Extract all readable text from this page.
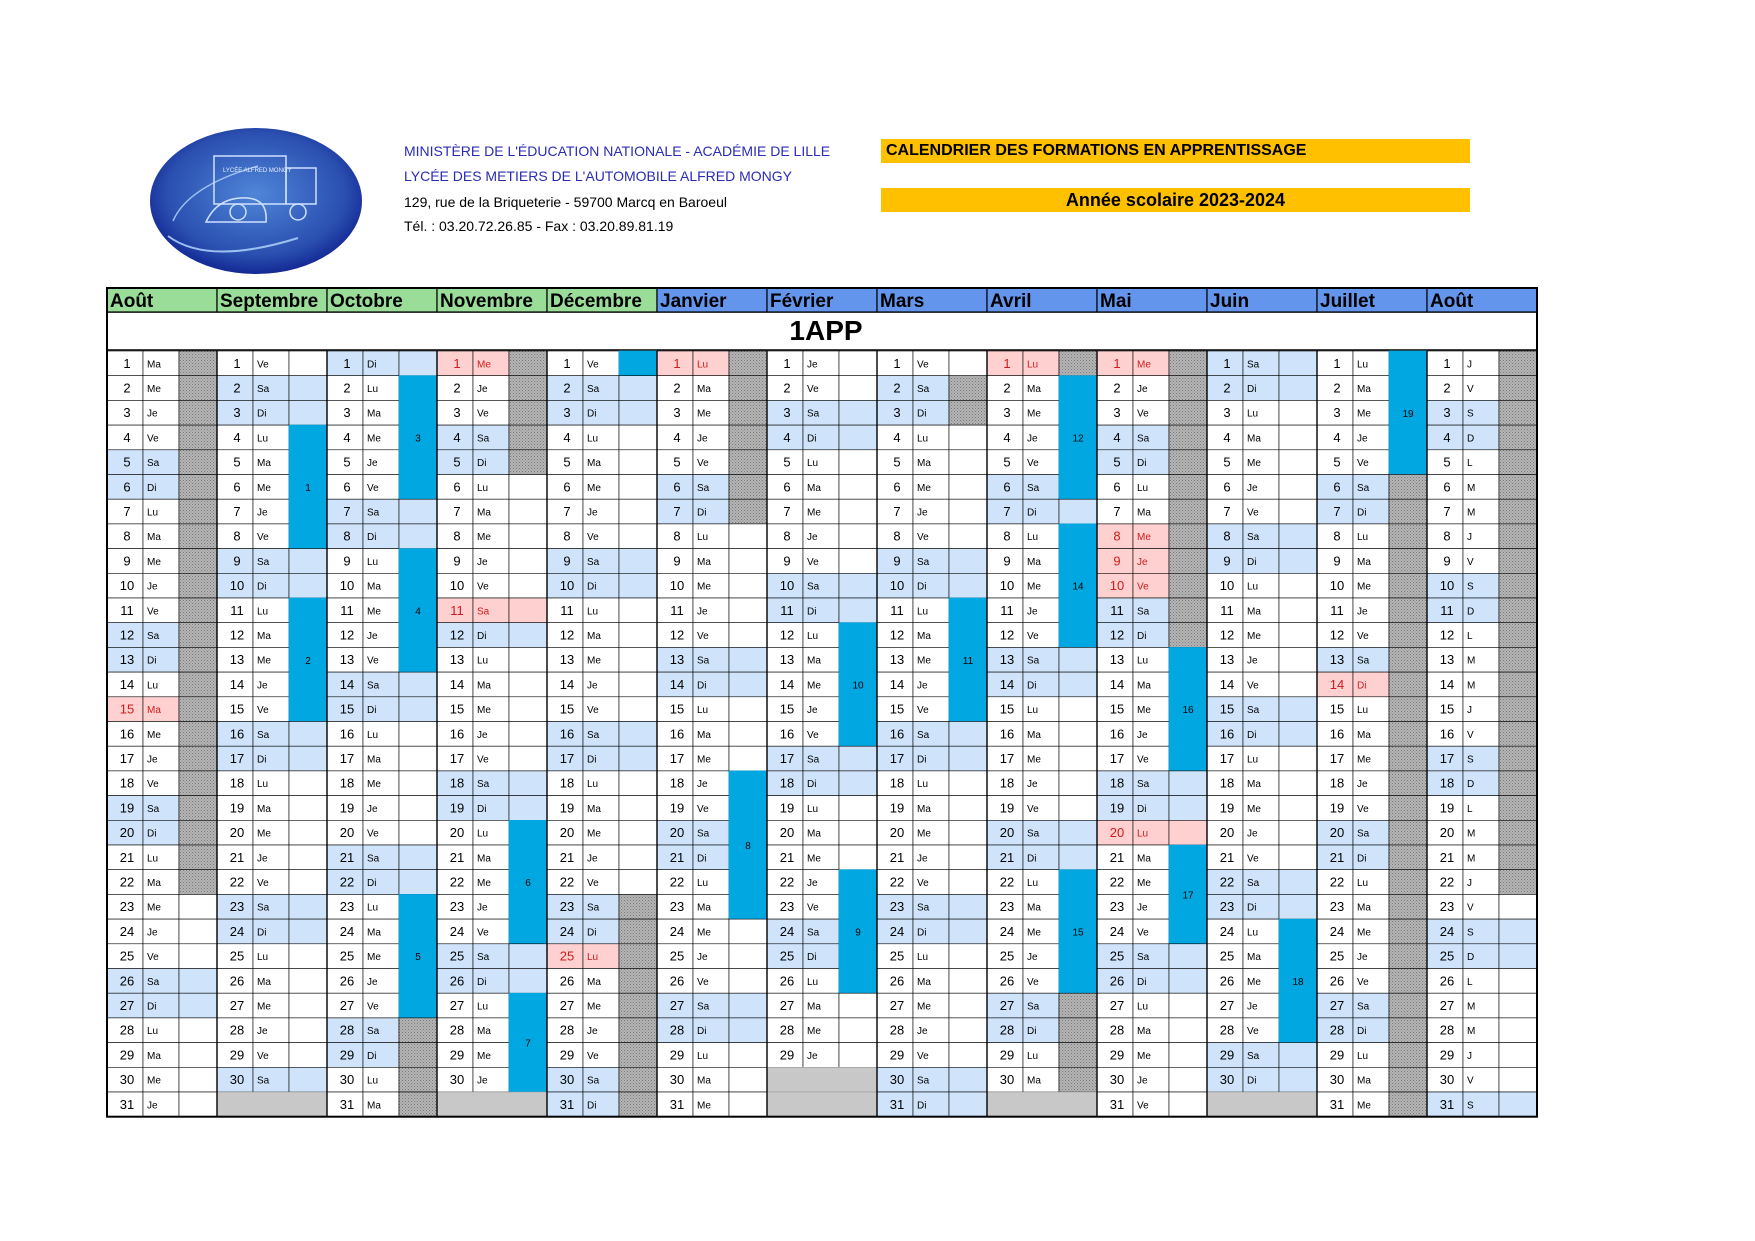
LYCÉE ALFRED MONGY
MINISTÈRE DE L'ÉDUCATION NATIONALE - ACADÉMIE DE LILLE
LYCÉE DES METIERS DE L'AUTOMOBILE ALFRED MONGY
129, rue de la Briqueterie - 59700 Marcq en Baroeul
Tél. : 03.20.72.26.85 - Fax : 03.20.89.81.19
CALENDRIER DES FORMATIONS EN APPRENTISSAGE
Année scolaire 2023-2024
Août
1 Ma
2 Me
3 Je
4 Ve
5 Sa
6 Di
7 Lu
8 Ma
9 Me
10 Je
11 Ve
12 Sa
13 Di
14 Lu
15 Ma
16 Me
17 Je
18 Ve
19 Sa
20 Di
21 Lu
22 Ma
23 Me
24 Je
25 Ve
26 Sa
27 Di
28 Lu
29 Ma
30 Me
31 Je
Septembre
1 Ve
2 Sa
3 Di
4 Lu
5 Ma
6 Me
7 Je
8 Ve
9 Sa
10 Di
11 Lu
12 Ma
13 Me
14 Je
15 Ve
16 Sa
17 Di
18 Lu
19 Ma
20 Me
21 Je
22 Ve
23 Sa
24 Di
25 Lu
26 Ma
27 Me
28 Je
29 Ve
30 Sa
1
2
Octobre
1 Di
2 Lu
3 Ma
4 Me
5 Je
6 Ve
7 Sa
8 Di
9 Lu
10 Ma
11 Me
12 Je
13 Ve
14 Sa
15 Di
16 Lu
17 Ma
18 Me
19 Je
20 Ve
21 Sa
22 Di
23 Lu
24 Ma
25 Me
26 Je
27 Ve
28 Sa
29 Di
30 Lu
31 Ma
3
4
5
Novembre
1 Me
2 Je
3 Ve
4 Sa
5 Di
6 Lu
7 Ma
8 Me
9 Je
10 Ve
11 Sa
12 Di
13 Lu
14 Ma
15 Me
16 Je
17 Ve
18 Sa
19 Di
20 Lu
21 Ma
22 Me
23 Je
24 Ve
25 Sa
26 Di
27 Lu
28 Ma
29 Me
30 Je
6
7
Décembre
1 Ve
2 Sa
3 Di
4 Lu
5 Ma
6 Me
7 Je
8 Ve
9 Sa
10 Di
11 Lu
12 Ma
13 Me
14 Je
15 Ve
16 Sa
17 Di
18 Lu
19 Ma
20 Me
21 Je
22 Ve
23 Sa
24 Di
25 Lu
26 Ma
27 Me
28 Je
29 Ve
30 Sa
31 Di
Janvier
1 Lu
2 Ma
3 Me
4 Je
5 Ve
6 Sa
7 Di
8 Lu
9 Ma
10 Me
11 Je
12 Ve
13 Sa
14 Di
15 Lu
16 Ma
17 Me
18 Je
19 Ve
20 Sa
21 Di
22 Lu
23 Ma
24 Me
25 Je
26 Ve
27 Sa
28 Di
29 Lu
30 Ma
31 Me
8
Février
1 Je
2 Ve
3 Sa
4 Di
5 Lu
6 Ma
7 Me
8 Je
9 Ve
10 Sa
11 Di
12 Lu
13 Ma
14 Me
15 Je
16 Ve
17 Sa
18 Di
19 Lu
20 Ma
21 Me
22 Je
23 Ve
24 Sa
25 Di
26 Lu
27 Ma
28 Me
29 Je
9
10
Mars
1 Ve
2 Sa
3 Di
4 Lu
5 Ma
6 Me
7 Je
8 Ve
9 Sa
10 Di
11 Lu
12 Ma
13 Me
14 Je
15 Ve
16 Sa
17 Di
18 Lu
19 Ma
20 Me
21 Je
22 Ve
23 Sa
24 Di
25 Lu
26 Ma
27 Me
28 Je
29 Ve
30 Sa
31 Di
11
Avril
1 Lu
2 Ma
3 Me
4 Je
5 Ve
6 Sa
7 Di
8 Lu
9 Ma
10 Me
11 Je
12 Ve
13 Sa
14 Di
15 Lu
16 Ma
17 Me
18 Je
19 Ve
20 Sa
21 Di
22 Lu
23 Ma
24 Me
25 Je
26 Ve
27 Sa
28 Di
29 Lu
30 Ma
12
14
15
Mai
1 Me
2 Je
3 Ve
4 Sa
5 Di
6 Lu
7 Ma
8 Me
9 Je
10 Ve
11 Sa
12 Di
13 Lu
14 Ma
15 Me
16 Je
17 Ve
18 Sa
19 Di
20 Lu
21 Ma
22 Me
23 Je
24 Ve
25 Sa
26 Di
27 Lu
28 Ma
29 Me
30 Je
31 Ve
16
17
Juin
1 Sa
2 Di
3 Lu
4 Ma
5 Me
6 Je
7 Ve
8 Sa
9 Di
10 Lu
11 Ma
12 Me
13 Je
14 Ve
15 Sa
16 Di
17 Lu
18 Ma
19 Me
20 Je
21 Ve
22 Sa
23 Di
24 Lu
25 Ma
26 Me
27 Je
28 Ve
29 Sa
30 Di
18
Juillet
1 Lu
2 Ma
3 Me
4 Je
5 Ve
6 Sa
7 Di
8 Lu
9 Ma
10 Me
11 Je
12 Ve
13 Sa
14 Di
15 Lu
16 Ma
17 Me
18 Je
19 Ve
20 Sa
21 Di
22 Lu
23 Ma
24 Me
25 Je
26 Ve
27 Sa
28 Di
29 Lu
30 Ma
31 Me
19
Août
1 J
2 V
3 S
4 D
5 L
6 M
7 M
8 J
9 V
10 S
11 D
12 L
13 M
14 M
15 J
16 V
17 S
18 D
19 L
20 M
21 M
22 J
23 V
24 S
25 D
26 L
27 M
28 M
29 J
30 V
31 S
1APP
